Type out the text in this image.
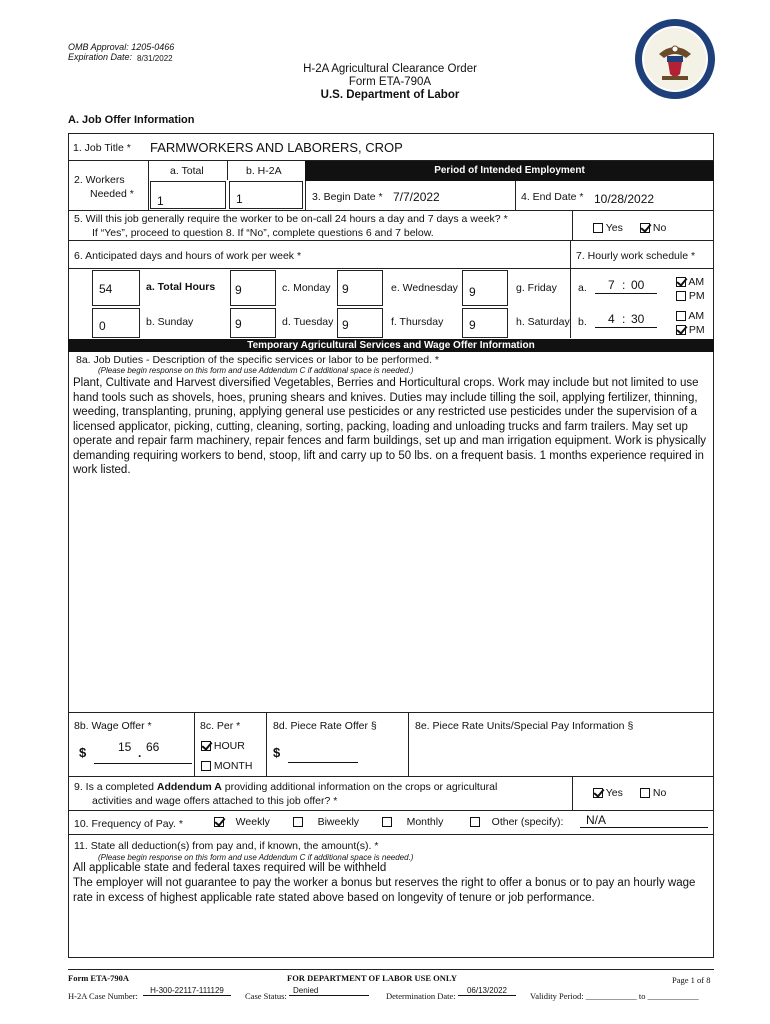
OMB Approval: 1205-0466
Expiration Date: 8/31/2022
H-2A Agricultural Clearance Order
Form ETA-790A
U.S. Department of Labor
A. Job Offer Information
1. Job Title * FARMWORKERS AND LABORERS, CROP
2. Workers
Needed *
a. Total	b. H-2A
1	1
Period of Intended Employment
3. Begin Date * 7/7/2022	4. End Date * 10/28/2022
5. Will this job generally require the worker to be on-call 24 hours a day and 7 days a week? *
If “Yes”, proceed to question 8. If “No”, complete questions 6 and 7 below.	Yes	No
6. Anticipated days and hours of work per week *	7. Hourly work schedule *
54	a. Total Hours 9	c. Monday 9	e. Wednesday 9	g. Friday
0	b. Sunday	9	d. Tuesday 9	f. Thursday 9	h. Saturday
a. 7 : 00	AM
PM
b. 4 : 30	AM
PM
Temporary Agricultural Services and Wage Offer Information
8a. Job Duties - Description of the specific services or labor to be performed. *
(Please begin response on this form and use Addendum C if additional space is needed.)
Plant, Cultivate and Harvest diversified Vegetables, Berries and Horticultural crops. Work may include but not limited to use hand tools such as shovels, hoes, pruning shears and knives. Duties may include tilling the soil, applying fertilizer, thinning, weeding, transplanting, pruning, applying general use pesticides or any restricted use pesticides under the supervision of a licensed applicator, picking, cutting, cleaning, sorting, packing, loading and unloading trucks and farm trailers. May set up operate and repair farm machinery, repair fences and farm buildings, set up and man irrigation equipment. Work is physically demanding requiring workers to bend, stoop, lift and carry up to 50 lbs. on a frequent basis. 1 months experience required in work listed.
8b. Wage Offer *
$	15 . 66
8c. Per *
HOUR
MONTH
8d. Piece Rate Offer §
$
8e. Piece Rate Units/Special Pay Information §
9. Is a completed Addendum A providing additional information on the crops or agricultural
activities and wage offers attached to this job offer? *
Yes	No
10. Frequency of Pay. *	Weekly	Biweekly	Monthly	Other (specify):	N/A
11. State all deduction(s) from pay and, if known, the amount(s). *
(Please begin response on this form and use Addendum C if additional space is needed.)
All applicable state and federal taxes required will be withheld
The employer will not guarantee to pay the worker a bonus but reserves the right to offer a bonus or to pay an hourly wage rate in excess of highest applicable rate stated above based on longevity of tenure or job performance.
Form ETA-790A	FOR DEPARTMENT OF LABOR USE ONLY	Page 1 of 8
H-2A Case Number:
H-300-22117-111129
Case Status:
Denied
Determination Date:
06/13/2022
Validity Period: ____________ to ____________
